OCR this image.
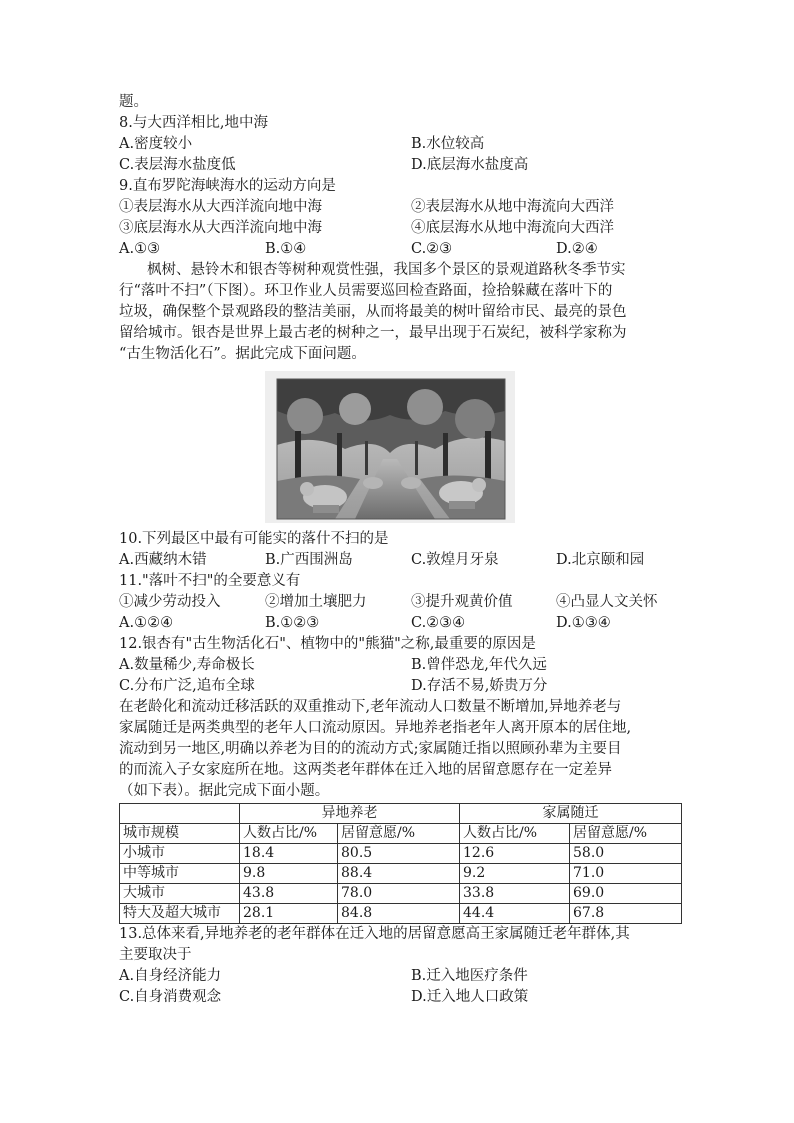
题。
8.与大西洋相比,地中海
A.密度较小	B.水位较高
C.表层海水盐度低	D.底层海水盐度高
9.直布罗陀海峡海水的运动方向是
①表层海水从大西洋流向地中海	②表层海水从地中海流向大西洋
③底层海水从大西洋流向地中海	④底层海水从地中海流向大西洋
A.①③	B.①④	C.②③	D.②④
枫树、悬铃木和银杏等树种观赏性强，我国多个景区的景观道路秋冬季节实
行“落叶不扫”（下图）。环卫作业人员需要巡回检查路面，捡拾躲藏在落叶下的
垃圾，确保整个景观路段的整洁美丽，从而将最美的树叶留给市民、最亮的景色
留给城市。银杏是世界上最古老的树种之一，最早出现于石炭纪，被科学家称为
“古生物活化石”。据此完成下面问题。
10.下列最区中最有可能实的落什不扫的是
A.西藏纳木错	B.广西围洲岛	C.敦煌月牙泉	D.北京颐和园
11."落叶不扫"的全要意义有
①减少劳动投入	②增加土壤肥力	③提升观黄价值	④凸显人文关怀
A.①②④	B.①②③	C.②③④	D.①③④
12.银杏有"古生物活化石"、植物中的"熊猫"之称,最重要的原因是
A.数量稀少,寿命极长	B.曾伴恐龙,年代久远
C.分布广泛,追布全球	D.存活不易,娇贵万分
在老龄化和流动迁移活跃的双重推动下,老年流动人口数量不断增加,异地养老与
家属随迁是两类典型的老年人口流动原因。异地养老指老年人离开原本的居住地,
流动到另一地区,明确以养老为目的的流动方式;家属随迁指以照顾孙辈为主要目
的而流入子女家庭所在地。这两类老年群体在迁入地的居留意愿存在一定差异
（如下表）。据此完成下面小题。
	异地养老		家属随迁	
城市规模	人数占比/%	居留意愿/%	人数占比/%	居留意愿/%
小城市	18.4	80.5	12.6	58.0
中等城市	9.8	88.4	9.2	71.0
大城市	43.8	78.0	33.8	69.0
特大及超大城市	28.1	84.8	44.4	67.8
13.总体来看,异地养老的老年群体在迁入地的居留意愿高王家属随迁老年群体,其
主要取决于
A.自身经济能力	B.迁入地医疗条件
C.自身消费观念	D.迁入地人口政策
